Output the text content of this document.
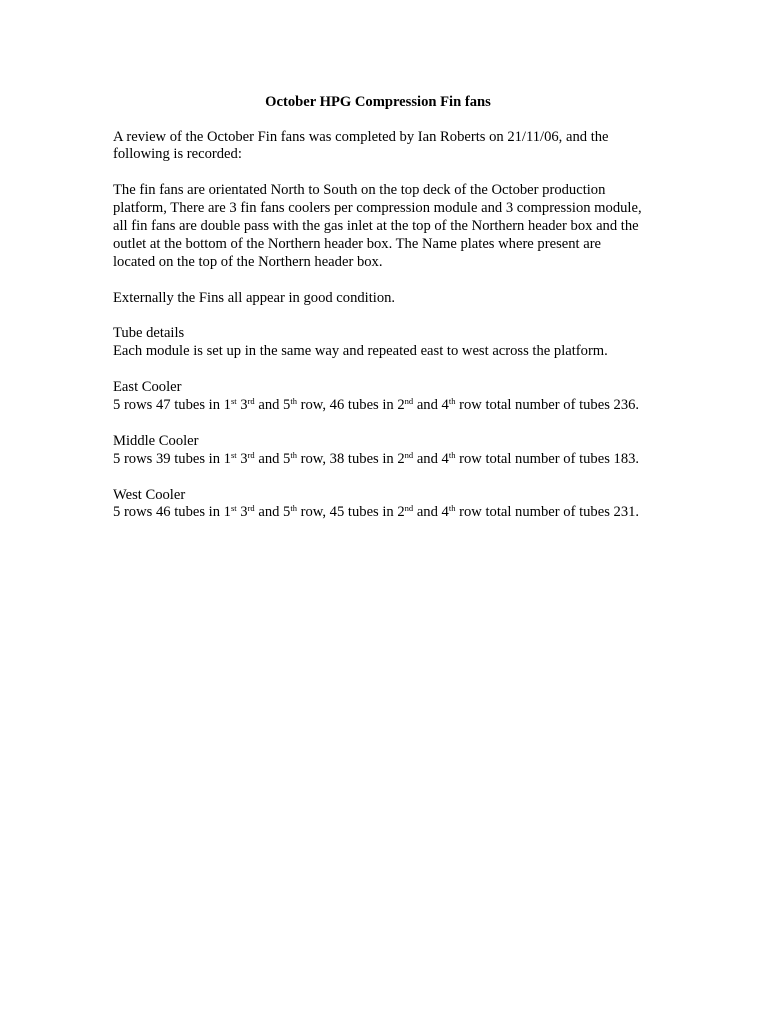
October HPG Compression Fin fans

A review of the October Fin fans was completed by Ian Roberts on 21/11/06, and the following is recorded:

The fin fans are orientated North to South on the top deck of the October production platform, There are 3 fin fans coolers per compression module and 3 compression module, all fin fans are double pass with the gas inlet at the top of the Northern header box and the outlet at the bottom of the Northern header box. The Name plates where present are located on the top of the Northern header box.

Externally the Fins all appear in good condition.

Tube details
Each module is set up in the same way and repeated east to west across the platform.

East Cooler
5 rows 47 tubes in 1st 3rd and 5th row, 46 tubes in 2nd and 4th row total number of tubes 236.

Middle Cooler
5 rows 39 tubes in 1st 3rd and 5th row, 38 tubes in 2nd and 4th row total number of tubes 183.

West Cooler
5 rows 46 tubes in 1st 3rd and 5th row, 45 tubes in 2nd and 4th row total number of tubes 231.
